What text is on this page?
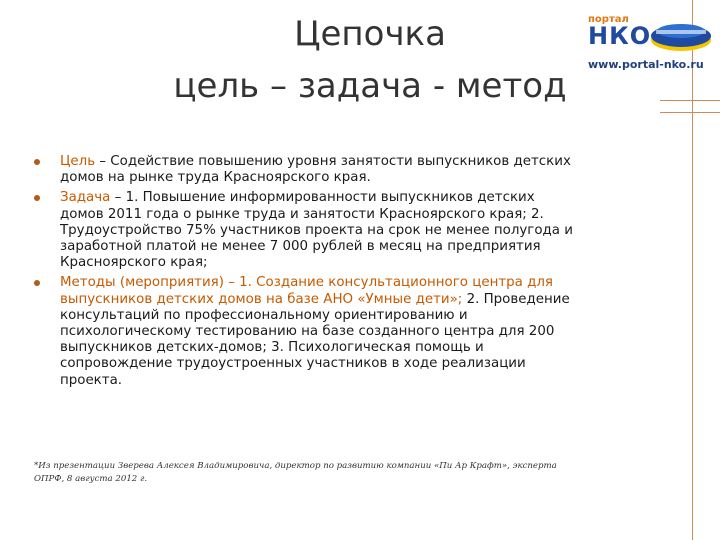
Цепочка
цель – задача - метод
портал
НКО
www.portal-nko.ru
Цель – Содействие повышению уровня занятости выпускников детских домов на рынке труда Красноярского края.
Задача – 1. Повышение информированности выпускников детских домов 2011 года о рынке труда и занятости Красноярского края; 2. Трудоустройство 75% участников проекта на срок не менее полугода и заработной платой не менее 7 000 рублей в месяц на предприятия Красноярского края;
Методы (мероприятия) – 1. Создание консультационного центра для выпускников детских домов на базе АНО «Умные дети»; 2. Проведение консультаций по профессиональному ориентированию и психологическому тестированию на базе созданного центра для 200 выпускников детских-домов; 3. Психологическая помощь и сопровождение трудоустроенных участников в ходе реализации проекта.
*Из презентации Зверева Алексея Владимировича, директор по развитию компании «Пи Ар Крафт», эксперта ОПРФ, 8 августа 2012 г.
